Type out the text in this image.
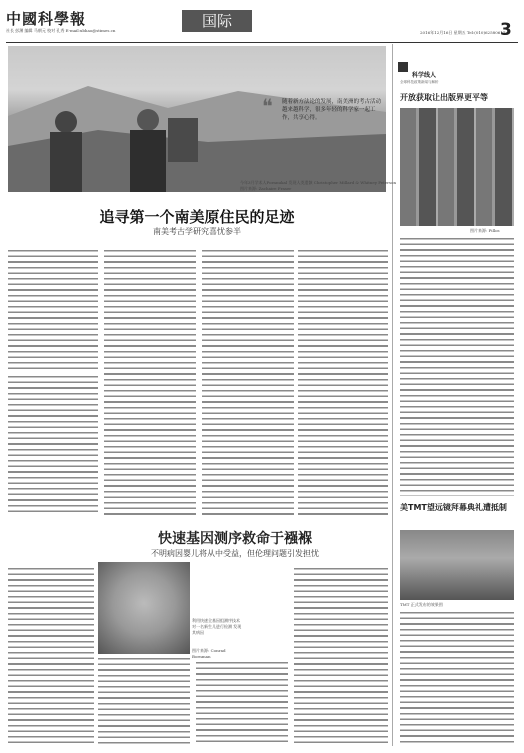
中國科學報
社长 彭渊 编辑 马朝元 校对 孔秀 E-mail:xbhao@stimes.cn
国际
2016年12月16日 星期五 Tel:(010)62580617
3
❝ 随着新方法论的发展，南美洲的考古活动越来越科学，很多年轻的科学家一起工作，共享心得。
今年3月学术人Pornnukal 发现人类遗骸 Christopher Millard & Whitney Peterson
图片来源: Zachaire Fraser
追寻第一个南美原住民的足迹
南美考古学研究喜忧参半
快速基因测序救命于襁褓
不明病因婴儿将从中受益，但伦理问题引发担忧
利用快速全基因组测序技术 对一名新生儿进行检测 发现其病因
图片来源: Conrad Bornman
科学线人
全球科技政策新闻与解析
开放获取让出版界更平等
图片来源: Pillos
美TMT望远镜拜幕典礼遭抵制
TMT 正式发布的效果图
